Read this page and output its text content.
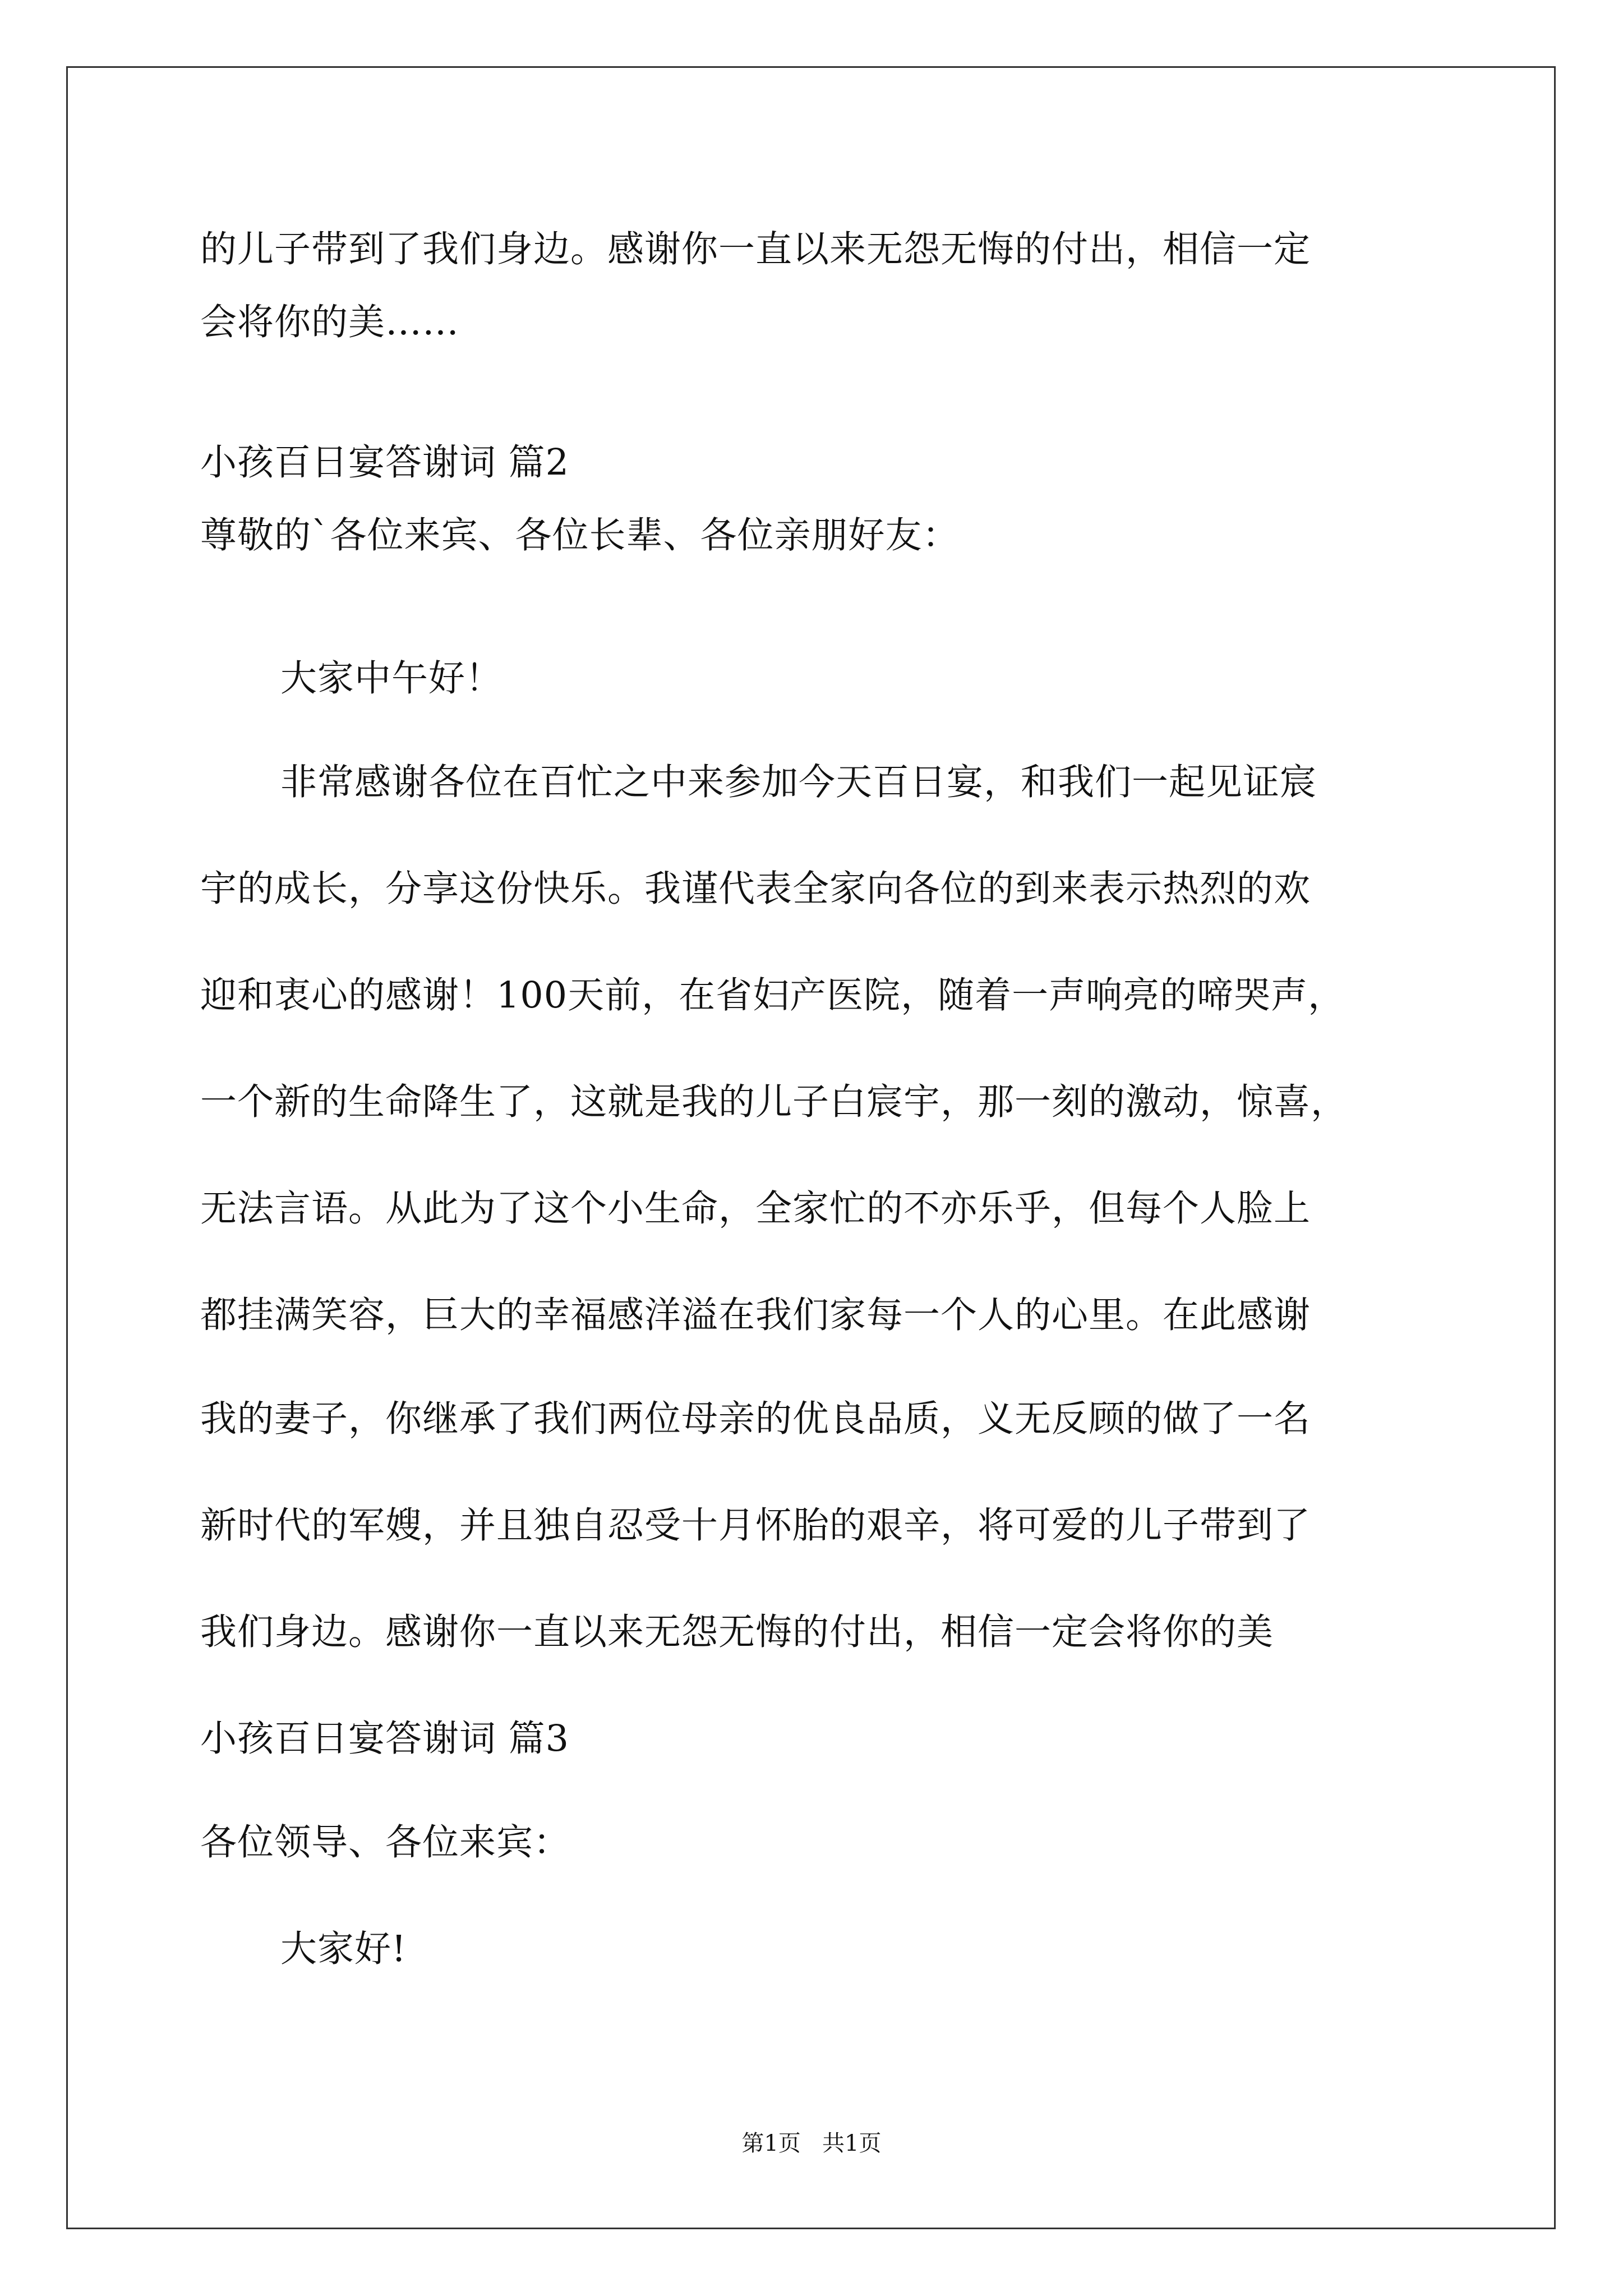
的儿子带到了我们身边。感谢你一直以来无怨无悔的付出，相信一定
会将你的美……
小孩百日宴答谢词 篇2
尊敬的`各位来宾、各位长辈、各位亲朋好友：
大家中午好！
非常感谢各位在百忙之中来参加今天百日宴，和我们一起见证宸
宇的成长，分享这份快乐。我谨代表全家向各位的到来表示热烈的欢
迎和衷心的感谢！100天前，在省妇产医院，随着一声响亮的啼哭声，
一个新的生命降生了，这就是我的儿子白宸宇，那一刻的激动，惊喜，
无法言语。从此为了这个小生命，全家忙的不亦乐乎，但每个人脸上
都挂满笑容，巨大的幸福感洋溢在我们家每一个人的心里。在此感谢
我的妻子，你继承了我们两位母亲的优良品质，义无反顾的做了一名
新时代的军嫂，并且独自忍受十月怀胎的艰辛，将可爱的儿子带到了
我们身边。感谢你一直以来无怨无悔的付出，相信一定会将你的美
小孩百日宴答谢词 篇3
各位领导、各位来宾：
大家好!
第1页   共1页
